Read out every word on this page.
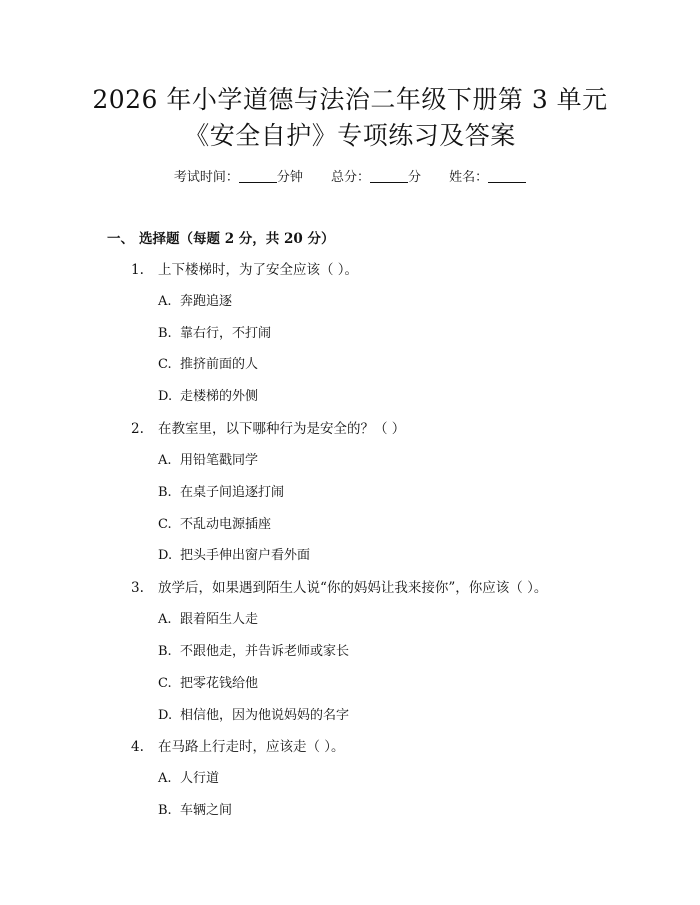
2026 年小学道德与法治二年级下册第 3 单元
《安全自护》专项练习及答案
考试时间：	分钟 总分：	分 姓名：
一、 选择题（每题 2 分，共 20 分）
1. 上下楼梯时，为了安全应该（ ）。
A. 奔跑追逐
B. 靠右行，不打闹
C. 推挤前面的人
D. 走楼梯的外侧
2. 在教室里，以下哪种行为是安全的？（ ）
A. 用铅笔戳同学
B. 在桌子间追逐打闹
C. 不乱动电源插座
D. 把头手伸出窗户看外面
3. 放学后，如果遇到陌生人说“你的妈妈让我来接你”，你应该（ ）。
A. 跟着陌生人走
B. 不跟他走，并告诉老师或家长
C. 把零花钱给他
D. 相信他，因为他说妈妈的名字
4. 在马路上行走时，应该走（ ）。
A. 人行道
B. 车辆之间
